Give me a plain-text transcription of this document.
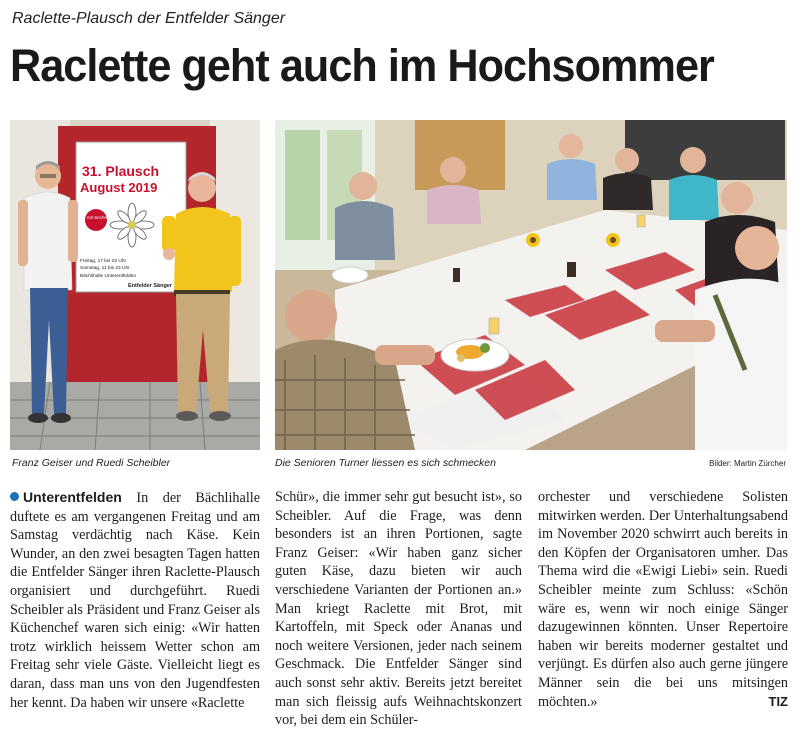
Raclette-Plausch der Entfelder Sänger
Raclette geht auch im Hochsommer
30. Raclette
31. Plausch
August 2019
mit Sechs Agö!
Freitag, 17 bis 23 Uhr
Samstag, 11 bis 23 Uhr
Bächlihalle Unterentfelden
Entfelder Sänger
Franz Geiser und Ruedi Scheibler	Die Senioren Turner liessen es sich schmecken	Bilder: Martin Zürcher
Unterentfelden In der Bächlihalle duftete es am vergangenen Freitag und am Samstag verdächtig nach Käse. Kein Wunder, an den zwei besagten Tagen hatten die Entfelder Sänger ihren Raclette-Plausch organisiert und durchgeführt. Ruedi Scheibler als Präsident und Franz Geiser als Küchenchef waren sich einig: «Wir hatten trotz wirklich heissem Wetter schon am Freitag sehr viele Gäste. Vielleicht liegt es daran, dass man uns von den Jugendfesten her kennt. Da haben wir unsere «Raclette
Schür», die immer sehr gut besucht ist», so Scheibler. Auf die Frage, was denn besonders ist an ihren Portionen, sagte Franz Geiser: «Wir haben ganz sicher guten Käse, dazu bieten wir auch verschiedene Varianten der Portionen an.» Man kriegt Raclette mit Brot, mit Kartoffeln, mit Speck oder Ananas und noch weitere Versionen, jeder nach seinem Geschmack. Die Entfelder Sänger sind auch sonst sehr aktiv. Bereits jetzt bereitet man sich fleissig aufs Weihnachtskonzert vor, bei dem ein Schüler-
orchester und verschiedene Solisten mitwirken werden. Der Unterhaltungsabend im November 2020 schwirrt auch bereits in den Köpfen der Organisatoren umher. Das Thema wird die «Ewigi Liebi» sein. Ruedi Scheibler meinte zum Schluss: «Schön wäre es, wenn wir noch einige Sänger dazugewinnen könnten. Unser Repertoire haben wir bereits moderner gestaltet und verjüngt. Es dürfen also auch gerne jüngere Männer sein die bei uns mitsingen möchten.»	TIZ
